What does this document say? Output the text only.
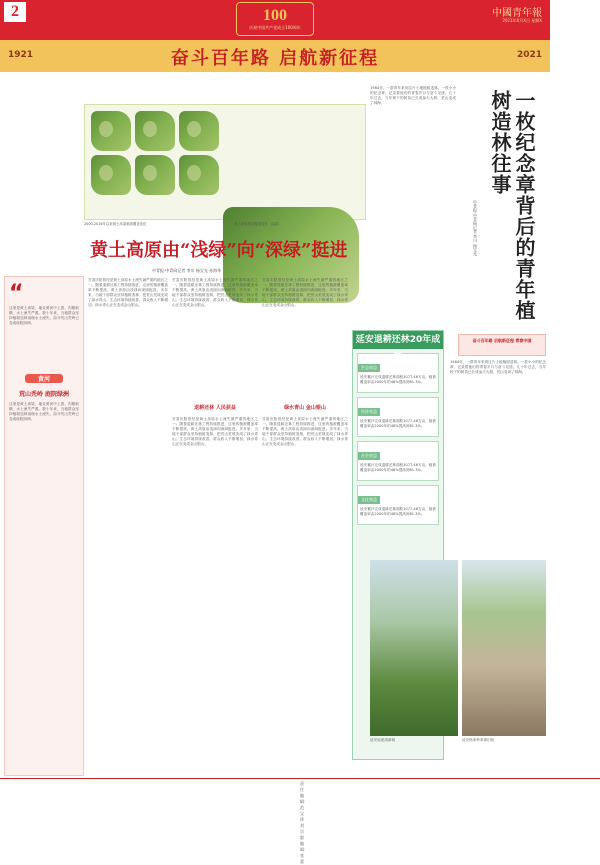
2	100
庆祝中国共产党成立100周年
中國青年報
2021年X月X日 星期X
1921	2021
奋斗百年路 启航新征程
2000-2016年以来黄土高原植被覆盖变化	黄土高原植被覆盖变化（局部）
黄土高原由“浅绿”向“深绿”挺进
中青报·中青网记者 李川 杨宝光 孙海华
“
这里是黄土高原，地处黄河中上游，沟壑纵横，水土流失严重。数十年来，当地群众坚持植树造林治理水土流失，如今荒山秃岭已变成庭院绿洲。
黄河
荒山秃岭 庭院绿洲
这里是黄土高原，地处黄河中上游，沟壑纵横，水土流失严重。数十年来，当地群众坚持植树造林治理水土流失，如今荒山秃岭已变成庭院绿洲。
甘肃庆阳曾经是黄土高原水土流失最严重的地区之一。随着退耕还林工程持续推进，这里的植被覆盖率不断提高，黄土高原由浅绿向深绿挺进。多年来，当地干部群众坚持植树造林，把荒山荒坡变成了绿水青山。生态环境持续改善，群众收入不断增加，绿水青山正在变成金山银山。
甘肃庆阳曾经是黄土高原水土流失最严重的地区之一。随着退耕还林工程持续推进，这里的植被覆盖率不断提高，黄土高原由浅绿向深绿挺进。多年来，当地干部群众坚持植树造林，把荒山荒坡变成了绿水青山。生态环境持续改善，群众收入不断增加，绿水青山正在变成金山银山。
退耕还林 人民获益
甘肃庆阳曾经是黄土高原水土流失最严重的地区之一。随着退耕还林工程持续推进，这里的植被覆盖率不断提高，黄土高原由浅绿向深绿挺进。多年来，当地干部群众坚持植树造林，把荒山荒坡变成了绿水青山。生态环境持续改善，群众收入不断增加，绿水青山正在变成金山银山。
甘肃庆阳曾经是黄土高原水土流失最严重的地区之一。随着退耕还林工程持续推进，这里的植被覆盖率不断提高，黄土高原由浅绿向深绿挺进。多年来，当地干部群众坚持植树造林，把荒山荒坡变成了绿水青山。生态环境持续改善，群众收入不断增加，绿水青山正在变成金山银山。
绿水青山 金山银山
甘肃庆阳曾经是黄土高原水土流失最严重的地区之一。随着退耕还林工程持续推进，这里的植被覆盖率不断提高，黄土高原由浅绿向深绿挺进。多年来，当地干部群众坚持植树造林，把荒山荒坡变成了绿水青山。生态环境持续改善，群众收入不断增加，绿水青山正在变成金山银山。
延安退耕还林20年成就
生态效益
延安累计完成退耕还林面积1077.46万亩，植被覆盖率由2000年的46%提高到81.3%。
经济效益
延安累计完成退耕还林面积1077.46万亩，植被覆盖率由2000年的46%提高到81.3%。
社会效益
延安累计完成退耕还林面积1077.46万亩，植被覆盖率由2000年的46%提高到81.3%。
文化效益
延安累计完成退耕还林面积1077.46万亩，植被覆盖率由2000年的46%提高到81.3%。
1984年，一群青年来到这片土地植树造林。一枚小小的纪念章，记录着他们的青春岁月与奋斗足迹。几十年过去，当年种下的树苗已长成参天大树，荒山变成了林海。	一枚纪念章背后的青年植树造林往事
中青报·中青网记者 李川 杨宝光
奋斗百年路 启航新征程 青春中国
1984年，一群青年来到这片土地植树造林。一枚小小的纪念章，记录着他们的青春岁月与奋斗足迹。几十年过去，当年种下的树苗已长成参天大树，荒山变成了林海。
延安南泥湾新貌	延安杨家岭革命旧址
责任编辑：范宝珍 刘宗毅 编辑：张蕾
